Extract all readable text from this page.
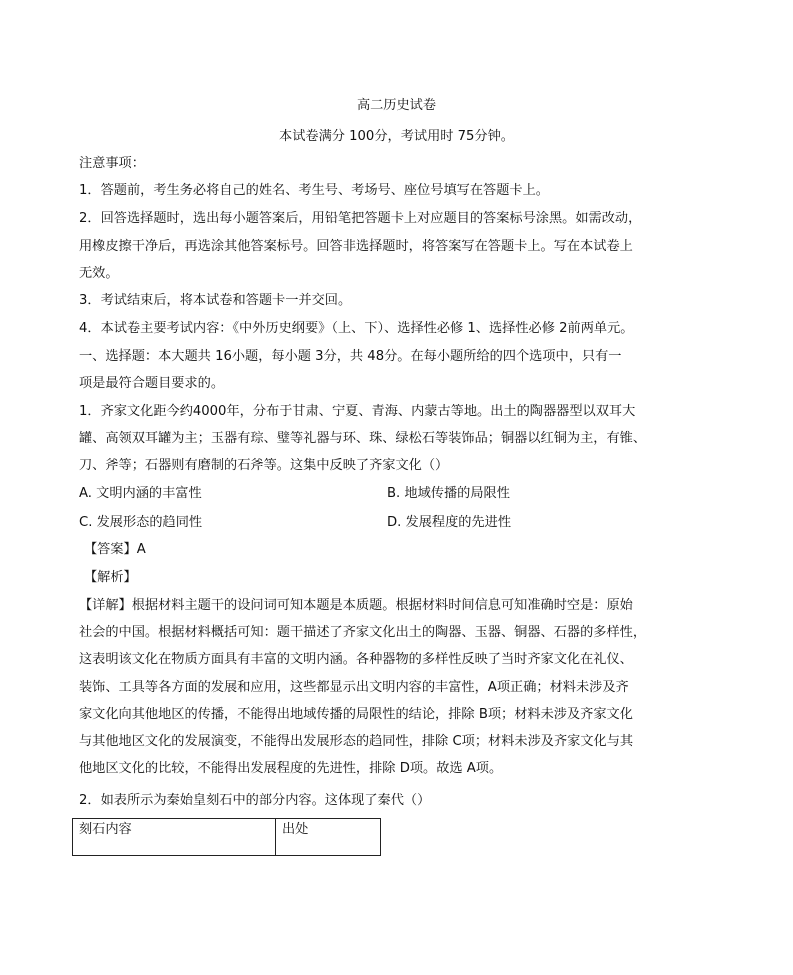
高二历史试卷
本试卷满分 100分，考试用时 75分钟。
注意事项：
1．答题前，考生务必将自己的姓名、考生号、考场号、座位号填写在答题卡上。
2．回答选择题时，选出每小题答案后，用铅笔把答题卡上对应题目的答案标号涂黑。如需改动，
用橡皮擦干净后，再选涂其他答案标号。回答非选择题时，将答案写在答题卡上。写在本试卷上
无效。
3．考试结束后，将本试卷和答题卡一并交回。
4．本试卷主要考试内容：《中外历史纲要》（上、下）、选择性必修 1、选择性必修 2前两单元。
一、选择题：本大题共 16小题，每小题 3分，共 48分。在每小题所给的四个选项中，只有一
项是最符合题目要求的。
1．齐家文化距今约4000年，分布于甘肃、宁夏、青海、内蒙古等地。出土的陶器器型以双耳大
罐、高领双耳罐为主；玉器有琮、璧等礼器与环、珠、绿松石等装饰品；铜器以红铜为主，有锥、
刀、斧等；石器则有磨制的石斧等。这集中反映了齐家文化（）
A. 文明内涵的丰富性	B. 地域传播的局限性
C. 发展形态的趋同性	D. 发展程度的先进性
【答案】A
【解析】
【详解】根据材料主题干的设问词可知本题是本质题。根据材料时间信息可知准确时空是：原始
社会的中国。根据材料概括可知：题干描述了齐家文化出土的陶器、玉器、铜器、石器的多样性，
这表明该文化在物质方面具有丰富的文明内涵。各种器物的多样性反映了当时齐家文化在礼仪、
装饰、工具等各方面的发展和应用，这些都显示出文明内容的丰富性，A项正确；材料未涉及齐
家文化向其他地区的传播，不能得出地域传播的局限性的结论，排除 B项；材料未涉及齐家文化
与其他地区文化的发展演变，不能得出发展形态的趋同性，排除 C项；材料未涉及齐家文化与其
他地区文化的比较，不能得出发展程度的先进性，排除 D项。故选 A项。
2．如表所示为秦始皇刻石中的部分内容。这体现了秦代（）
刻石内容	出处
